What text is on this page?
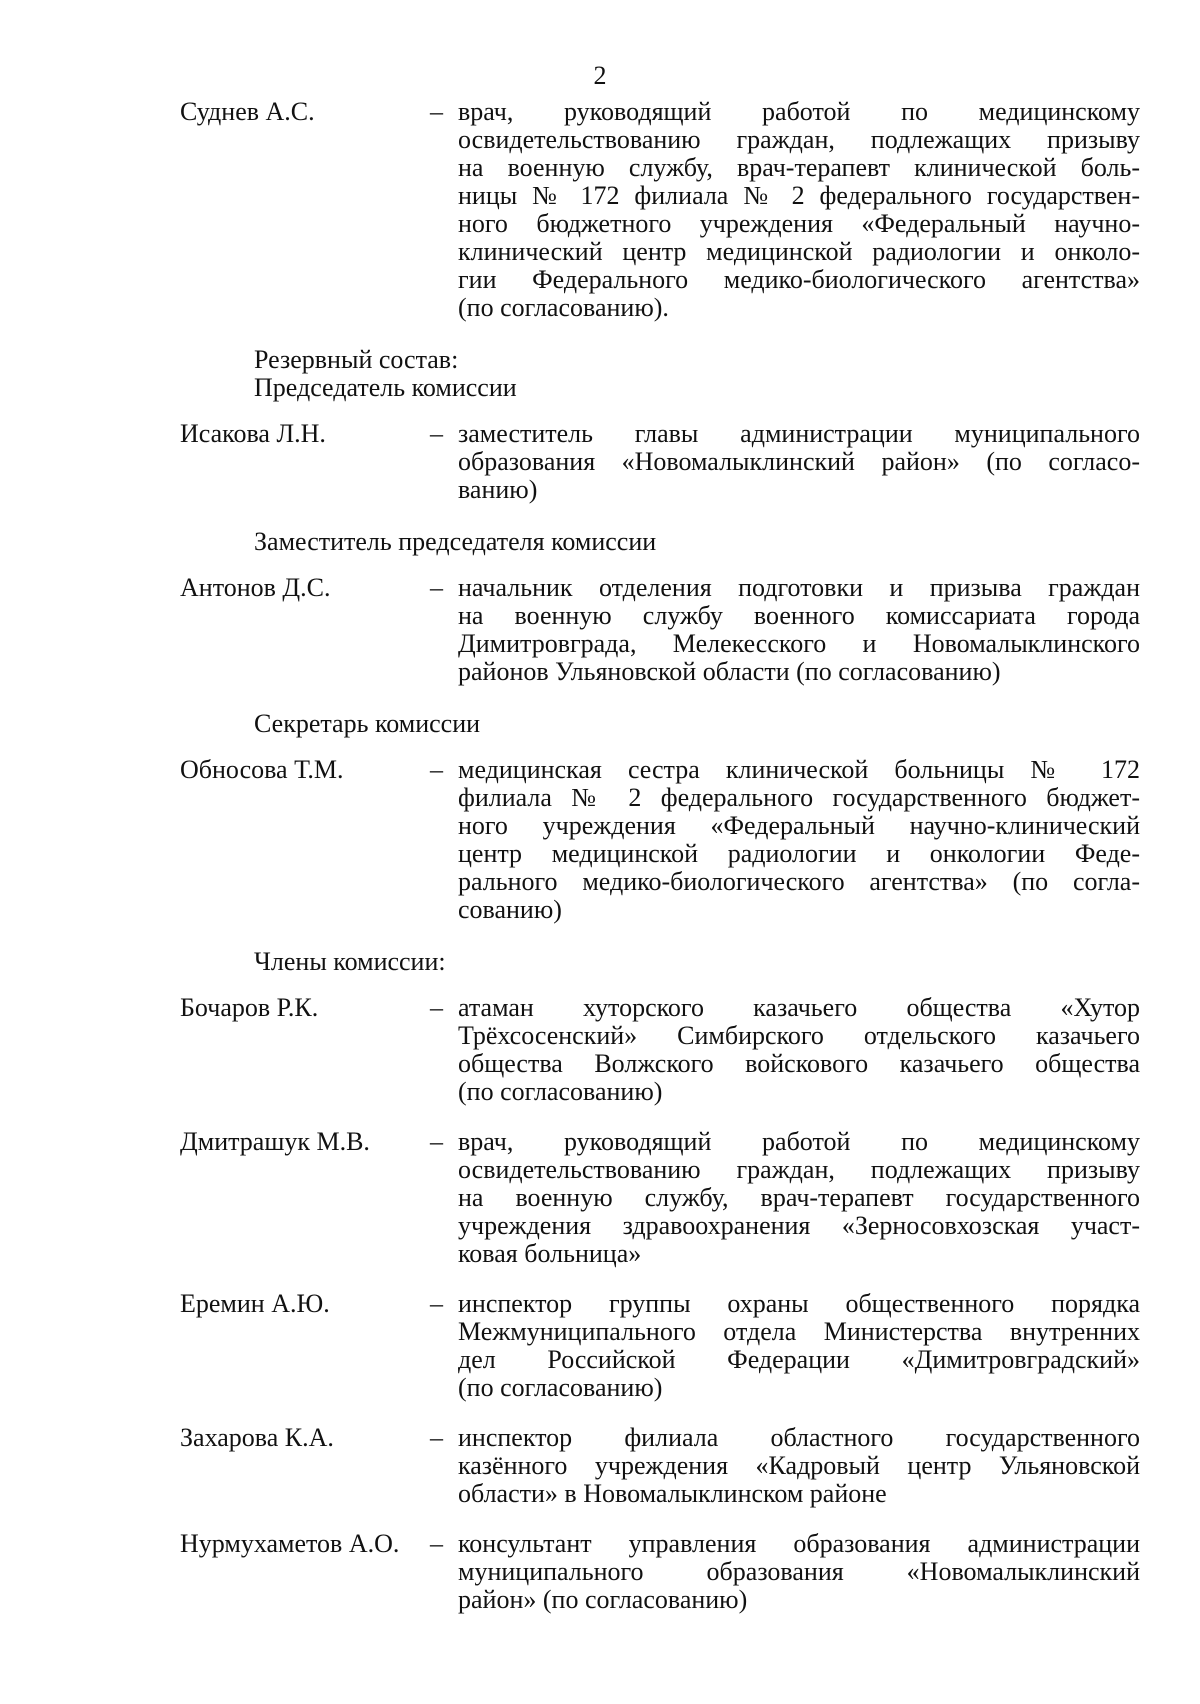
2
Суднев А.С.	– врач, руководящий работой по медицинскому
освидетельствованию граждан, подлежащих призыву
на военную службу, врач-терапевт клинической боль-
ницы № 172 филиала № 2 федерального государствен-
ного бюджетного учреждения «Федеральный научно-
клинический центр медицинской радиологии и онколо-
гии Федерального медико-биологического агентства»
(по согласованию).
Резервный состав:
Председатель комиссии
Исакова Л.Н.	– заместитель главы администрации муниципального
образования «Новомалыклинский район» (по согласо-
ванию)
Заместитель председателя комиссии
Антонов Д.С.	– начальник отделения подготовки и призыва граждан
на военную службу военного комиссариата города
Димитровграда, Мелекесского и Новомалыклинского
районов Ульяновской области (по согласованию)
Секретарь комиссии
Обносова Т.М.	– медицинская сестра клинической больницы № 172
филиала № 2 федерального государственного бюджет-
ного учреждения «Федеральный научно-клинический
центр медицинской радиологии и онкологии Феде-
рального медико-биологического агентства» (по согла-
сованию)
Члены комиссии:
Бочаров Р.К.	– атаман хуторского казачьего общества «Хутор
Трёхсосенский» Симбирского отдельского казачьего
общества Волжского войскового казачьего общества
(по согласованию)
Дмитрашук М.В.	– врач, руководящий работой по медицинскому
освидетельствованию граждан, подлежащих призыву
на военную службу, врач-терапевт государственного
учреждения здравоохранения «Зерносовхозская участ-
ковая больница»
Еремин А.Ю.	– инспектор группы охраны общественного порядка
Межмуниципального отдела Министерства внутренних
дел Российской Федерации «Димитровградский»
(по согласованию)
Захарова К.А.	– инспектор филиала областного государственного
казённого учреждения «Кадровый центр Ульяновской
области» в Новомалыклинском районе
Нурмухаметов А.О.	– консультант управления образования администрации
муниципального образования «Новомалыклинский
район» (по согласованию)
